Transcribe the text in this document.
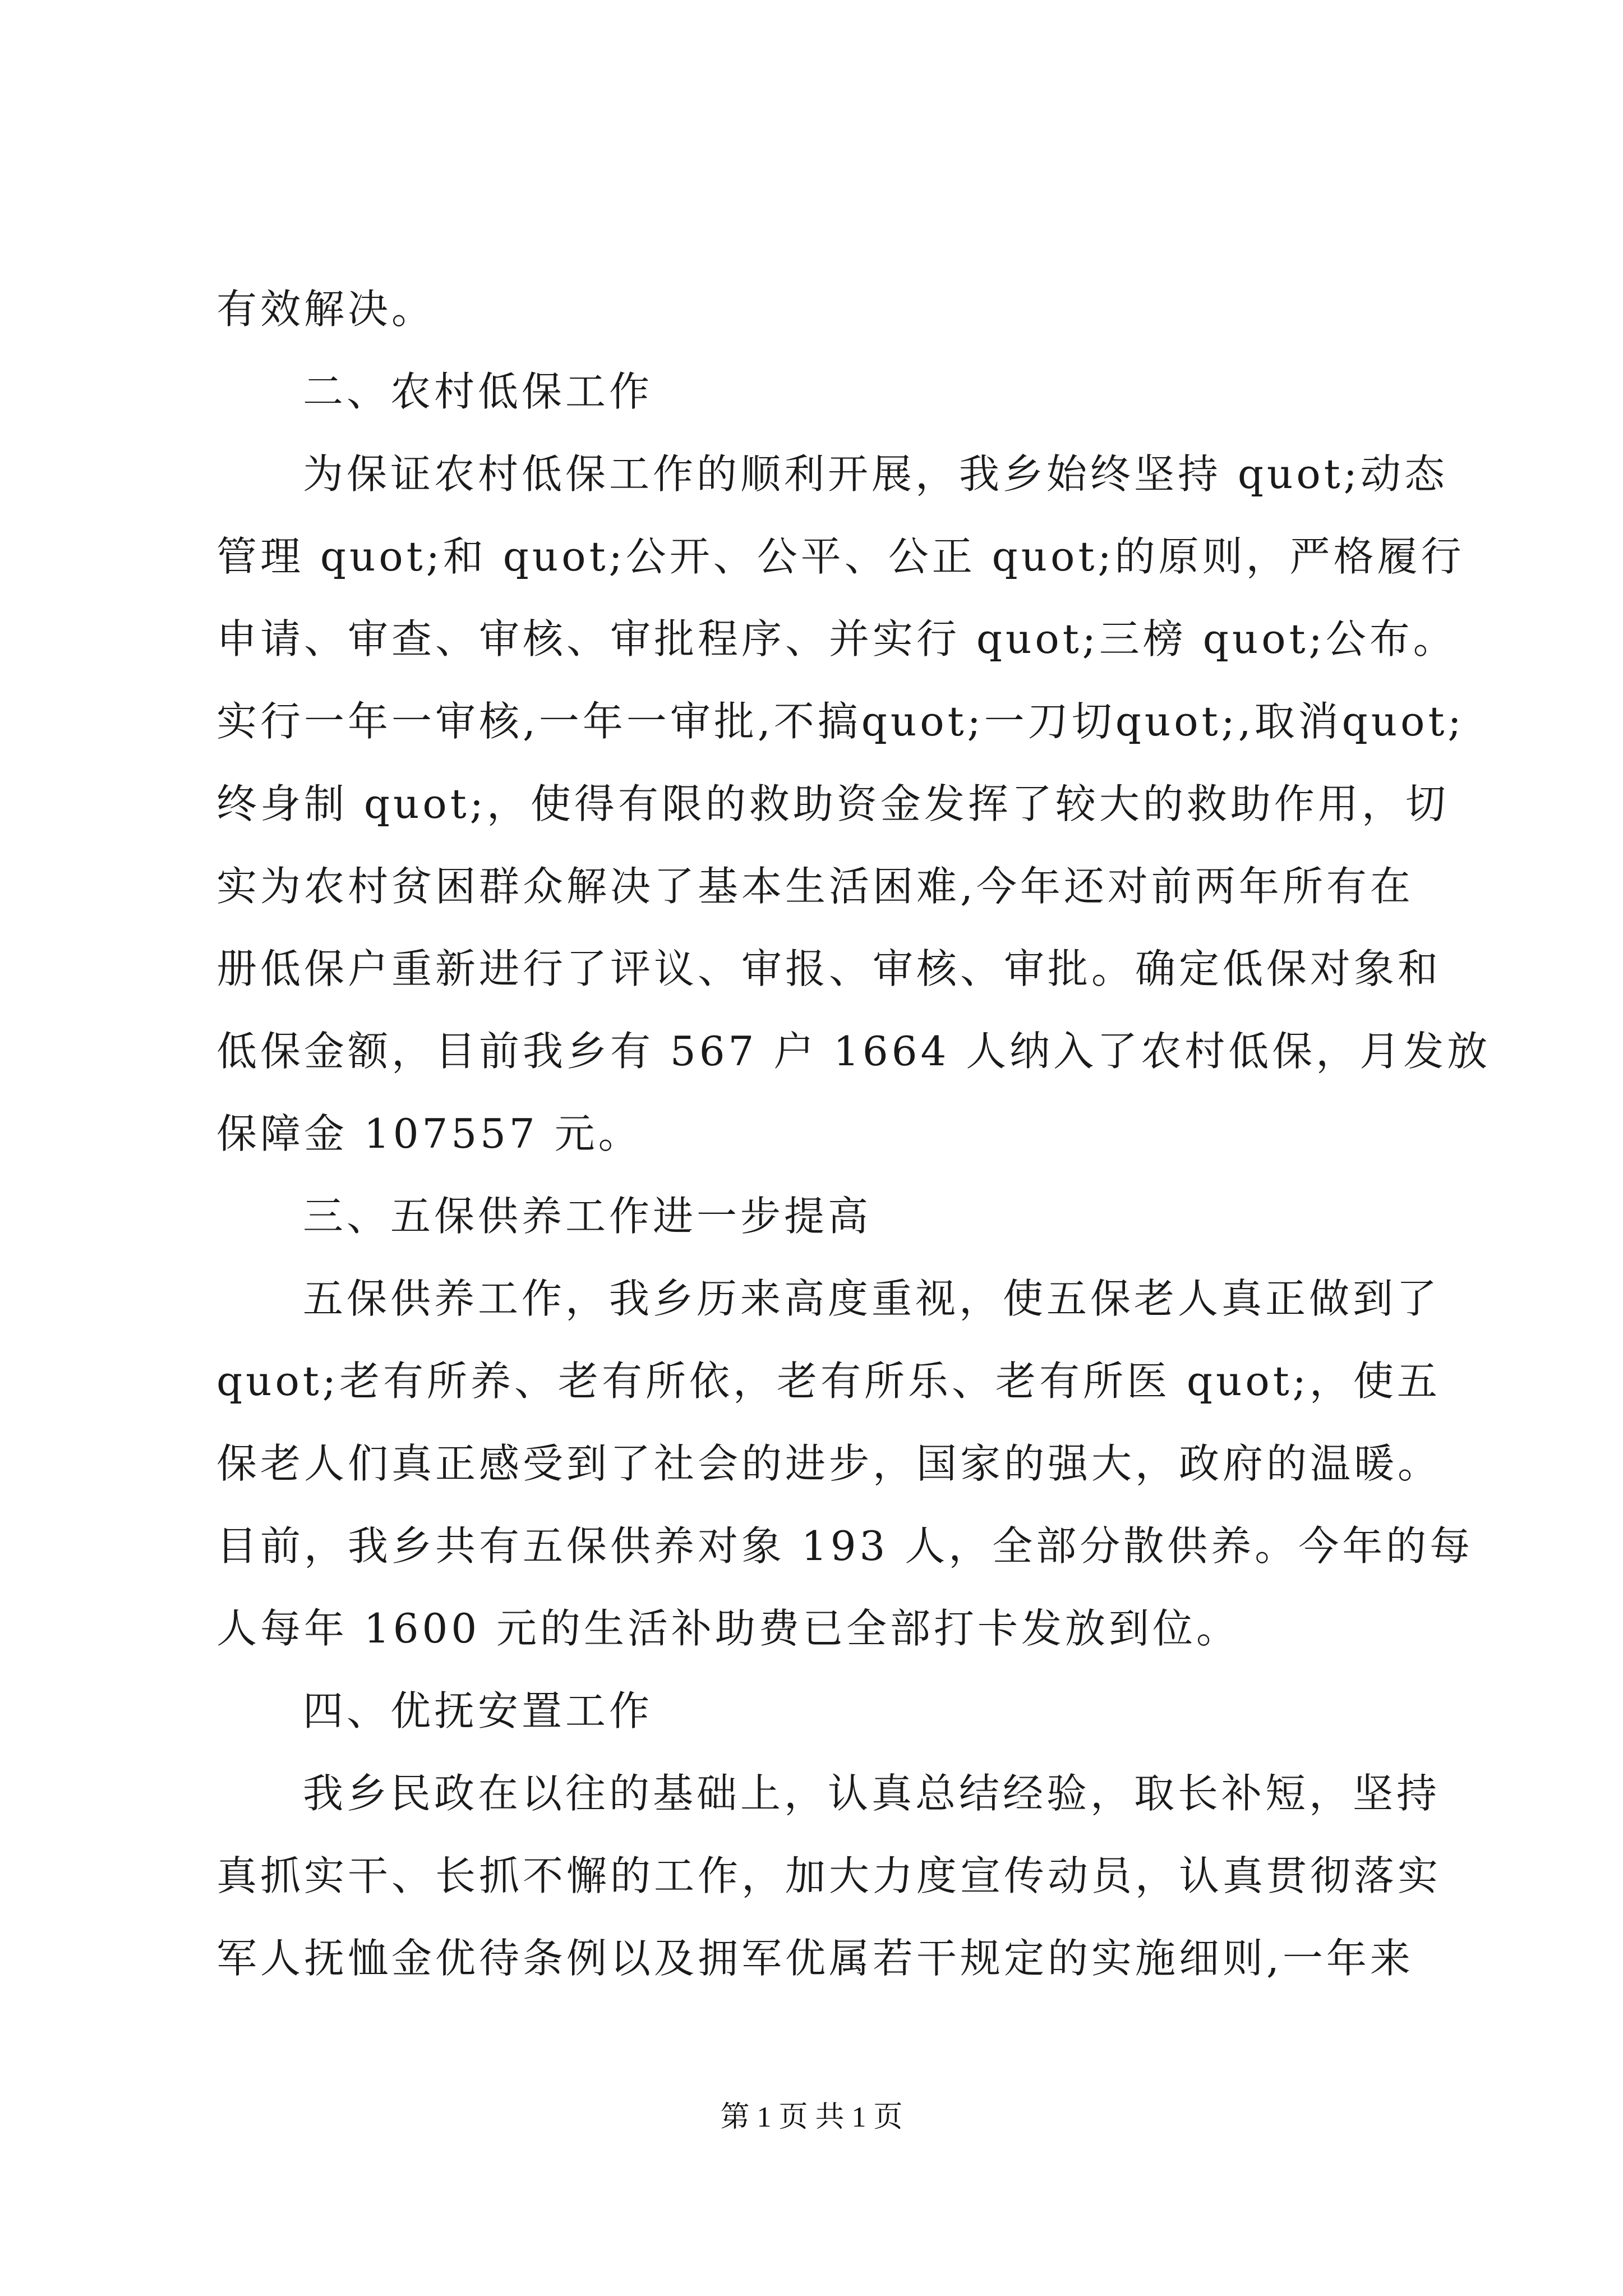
有效解决。
二、农村低保工作
为保证农村低保工作的顺利开展，我乡始终坚持 quot;动态
管理 quot;和 quot;公开、公平、公正 quot;的原则，严格履行
申请、审查、审核、审批程序、并实行 quot;三榜 quot;公布。
实行一年一审核,一年一审批,不搞quot;一刀切quot;,取消quot;
终身制 quot;，使得有限的救助资金发挥了较大的救助作用，切
实为农村贫困群众解决了基本生活困难,今年还对前两年所有在
册低保户重新进行了评议、审报、审核、审批。确定低保对象和
低保金额，目前我乡有 567 户 1664 人纳入了农村低保，月发放
保障金 107557 元。
三、五保供养工作进一步提高
五保供养工作，我乡历来高度重视，使五保老人真正做到了
quot;老有所养、老有所依，老有所乐、老有所医 quot;，使五
保老人们真正感受到了社会的进步，国家的强大，政府的温暖。
目前，我乡共有五保供养对象 193 人，全部分散供养。今年的每
人每年 1600 元的生活补助费已全部打卡发放到位。
四、优抚安置工作
我乡民政在以往的基础上，认真总结经验，取长补短，坚持
真抓实干、长抓不懈的工作，加大力度宣传动员，认真贯彻落实
军人抚恤金优待条例以及拥军优属若干规定的实施细则,一年来
第 1 页 共 1 页
